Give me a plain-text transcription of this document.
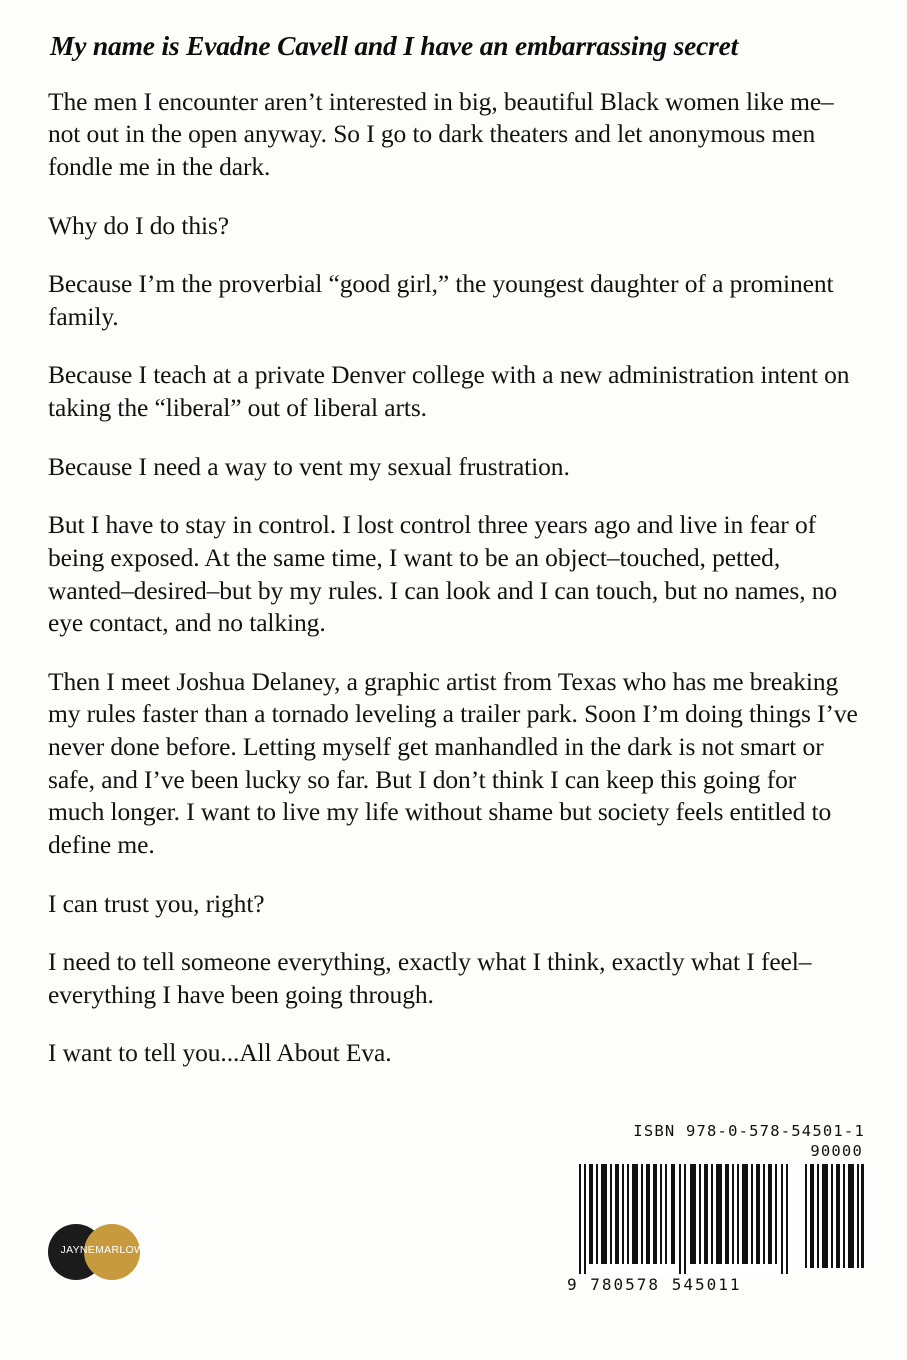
My name is Evadne Cavell and I have an embarrassing secret

The men I encounter aren’t interested in big, beautiful Black women like me–not out in the open anyway. So I go to dark theaters and let anonymous men fondle me in the dark.

Why do I do this?

Because I’m the proverbial “good girl,” the youngest daughter of a prominent family.

Because I teach at a private Denver college with a new administration intent on taking the “liberal” out of liberal arts.

Because I need a way to vent my sexual frustration.

But I have to stay in control. I lost control three years ago and live in fear of being exposed. At the same time, I want to be an object–touched, petted, wanted–desired–but by my rules. I can look and I can touch, but no names, no eye contact, and no talking.

Then I meet Joshua Delaney, a graphic artist from Texas who has me breaking my rules faster than a tornado leveling a trailer park. Soon I’m doing things I’ve never done before. Letting myself get manhandled in the dark is not smart or safe, and I’ve been lucky so far. But I don’t think I can keep this going for much longer. I want to live my life without shame but society feels entitled to define me.

I can trust you, right?

I need to tell someone everything, exactly what I think, exactly what I feel–everything I have been going through.

I want to tell you...All About Eva.

JAYNEMARLOWE
ISBN 978-0-578-54501-1
90000
9 780578 545011
